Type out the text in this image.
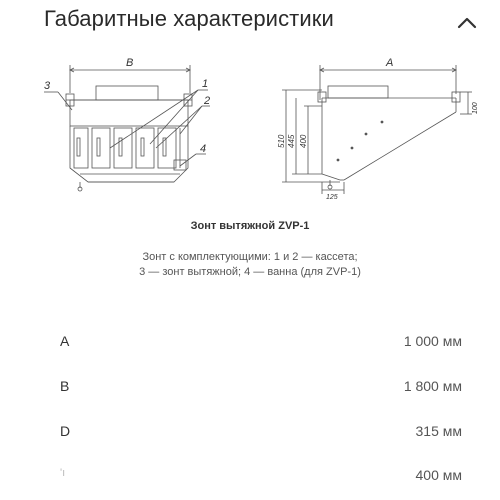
Габаритные характеристики
B
3	1
2
4
A
510 445 400
100
125
Зонт вытяжной ZVP-1
Зонт с комплектующими: 1 и 2 — кассета;
3 — зонт вытяжной; 4 — ванна (для ZVP-1)
A	1 000 мм
B	1 800 мм
D	315 мм
'ı	400 мм
